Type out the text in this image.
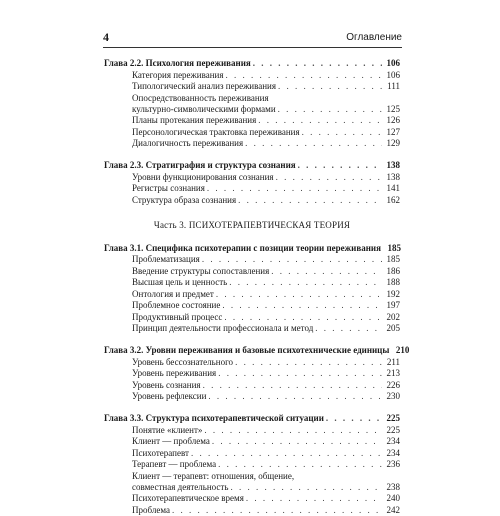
4	Оглавление
Глава 2.2. Психология переживания . . .	106
Категория переживания . . .	106
Типологический анализ переживания . . .	111
Опосредствованность переживания
культурно-символическими формами . . .	125
Планы протекания переживания . . .	126
Персонологическая трактовка переживания . . .	127
Диалогичность переживания . . .	129
Глава 2.3. Стратиграфия и структура сознания . . .	138
Уровни функционирования сознания . . .	138
Регистры сознания . . .	141
Структура образа сознания . . .	162
Часть 3. ПСИХОТЕРАПЕВТИЧЕСКАЯ ТЕОРИЯ
Глава 3.1. Специфика психотерапии с позиции теории переживания 185
Проблематизация . . .	185
Введение структуры сопоставления . . .	186
Высшая цель и ценность . . .	188
Онтология и предмет . . .	192
Проблемное состояние . . .	197
Продуктивный процесс . . .	202
Принцип деятельности профессионала и метод . . .	205
Глава 3.2. Уровни переживания и базовые психотехнические единицы 210
Уровень бессознательного . . .	211
Уровень переживания . . .	213
Уровень сознания . . .	226
Уровень рефлексии . . .	230
Глава 3.3. Структура психотерапевтической ситуации . . .	225
Понятие «клиент» . . .	225
Клиент — проблема . . .	234
Психотерапевт . . .	234
Терапевт — проблема . . .	236
Клиент — терапевт: отношения, общение,
совместная деятельность . . .	238
Психотерапевтическое время . . .	240
Проблема . . .	242
